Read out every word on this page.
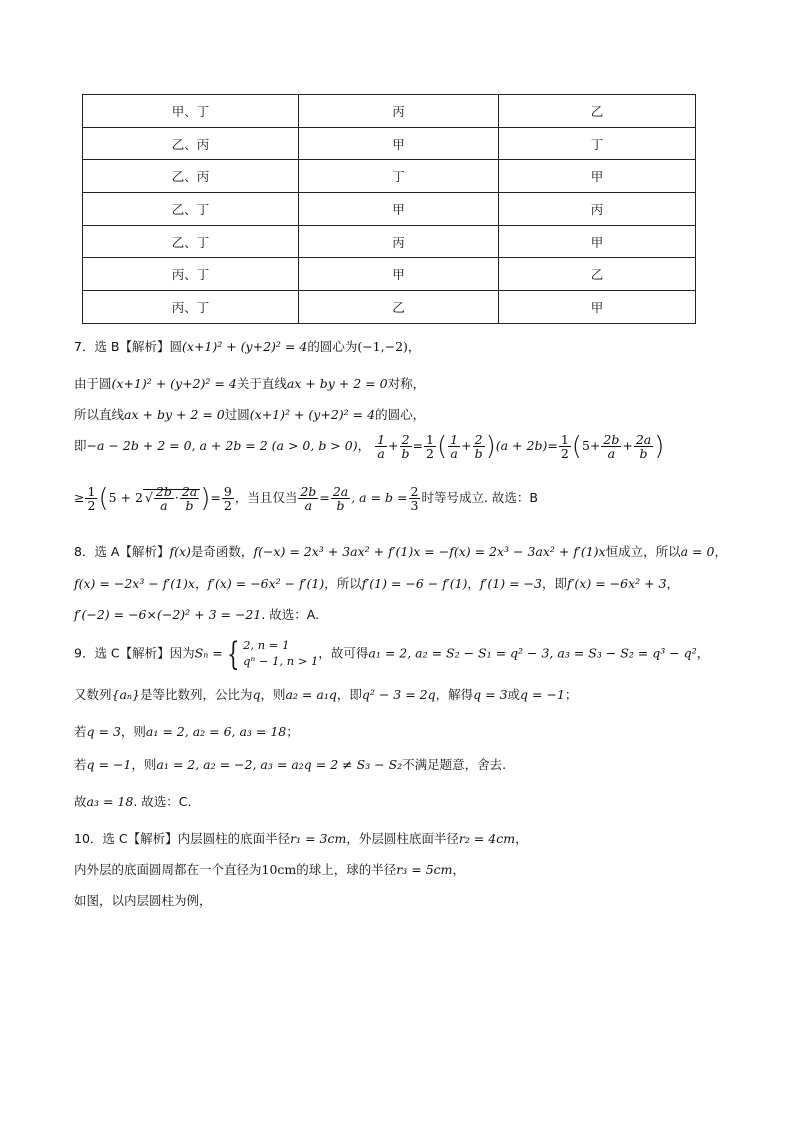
甲、丁	丙	乙
乙、丙	甲	丁
乙、丙	丁	甲
乙、丁	甲	丙
乙、丁	丙	甲
丙、丁	甲	乙
丙、丁	乙	甲
7．选 B【解析】圆(x+1)² + (y+2)² = 4的圆心为(−1,−2)，
由于圆(x+1)² + (y+2)² = 4关于直线ax + by + 2 = 0对称，
所以直线ax + by + 2 = 0过圆(x+1)² + (y+2)² = 4的圆心，
即−a − 2b + 2 = 0, a + 2b = 2 (a > 0, b > 0)， $\frac{1}{a} + \frac{2}{b} = \frac{1}{2}$ ( $\frac{1}{a} + \frac{2}{b} )(a + 2b)= \frac{1}{2} (5+ \frac{2b}{a} + \frac{2a}{b}$ )
≥ $\frac{1}{2} (5 + 2$ √ $\frac{2b}{a} \cdot \frac{2a}{b}$ )= $\frac{9}{2}$ ，当且仅当 $\frac{2b}{a} = \frac{2a}{b}$ , $a = b = \frac{2}{3}$ 时等号成立. 故选：B
8．选 A【解析】f(x)是奇函数，f(−x) = 2x³ + 3ax² + f′(1)x = −f(x) = 2x³ − 3ax² + f′(1)x恒成立，所以a = 0，
f(x) = −2x³ − f′(1)x，f′(x) = −6x² − f′(1)，所以f′(1) = −6 − f′(1)，f′(1) = −3，即f′(x) = −6x² + 3，
f′(−2) = −6×(−2)² + 3 = −21. 故选：A.
9．选 C【解析】因为Sₙ = { 2, n = 1
qⁿ − 1, n > 1
，故可得a₁ = 2, a₂ = S₂ − S₁ = q² − 3, a₃ = S₃ − S₂ = q³ − q²，
又数列{aₙ}是等比数列，公比为q，则a₂ = a₁q，即q² − 3 = 2q，解得q = 3或q = −1；
若q = 3，则a₁ = 2, a₂ = 6, a₃ = 18；
若q = −1，则a₁ = 2, a₂ = −2, a₃ = a₂q = 2 ≠ S₃ − S₂不满足题意，舍去.
故a₃ = 18. 故选：C.
10．选 C【解析】内层圆柱的底面半径r₁ = 3cm，外层圆柱底面半径r₂ = 4cm，
内外层的底面圆周都在一个直径为10cm的球上，球的半径r₃ = 5cm，
如图，以内层圆柱为例，
